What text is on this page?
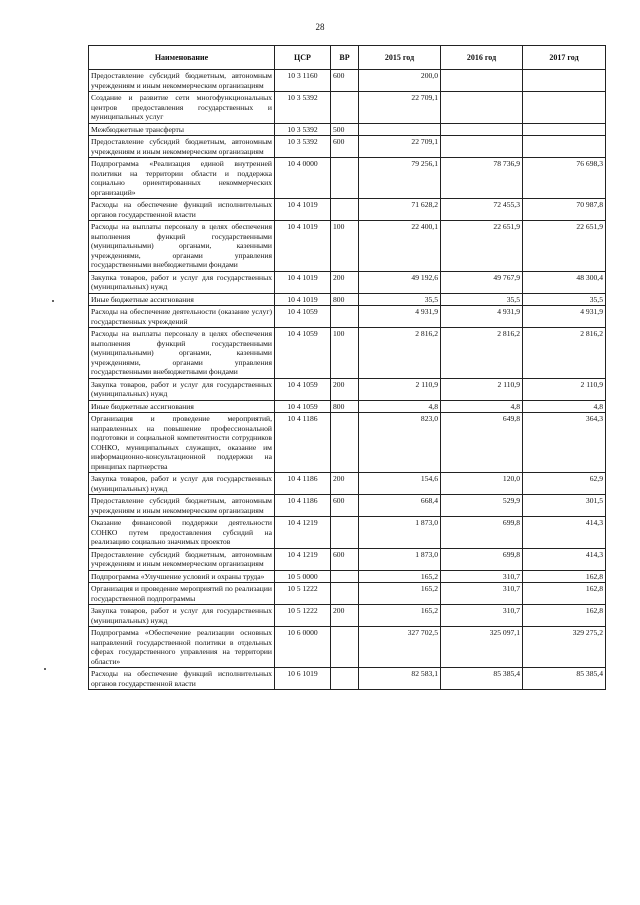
28
Наименование	ЦСР	ВР	2015 год	2016 год	2017 год
Предоставление субсидий бюджетным, автономным учреждениям и иным некоммерческим организациям	10 3 1160	600	200,0		
Создание и развитие сети многофункциональных центров предоставления государственных и муниципальных услуг	10 3 5392		22 709,1		
Межбюджетные трансферты	10 3 5392	500			
Предоставление субсидий бюджетным, автономным учреждениям и иным некоммерческим организациям	10 3 5392	600	22 709,1		
Подпрограмма «Реализация единой внутренней политики на территории области и поддержка социально ориентированных некоммерческих организаций»	10 4 0000		79 256,1	78 736,9	76 698,3
Расходы на обеспечение функций исполнительных органов государственной власти	10 4 1019		71 628,2	72 455,3	70 987,8
Расходы на выплаты персоналу в целях обеспечения выполнения функций государственными (муниципальными) органами, казенными учреждениями, органами управления государственными внебюджетными фондами	10 4 1019	100	22 400,1	22 651,9	22 651,9
Закупка товаров, работ и услуг для государственных (муниципальных) нужд	10 4 1019	200	49 192,6	49 767,9	48 300,4
Иные бюджетные ассигнования	10 4 1019	800	35,5	35,5	35,5
Расходы на обеспечение деятельности (оказание услуг) государственных учреждений	10 4 1059		4 931,9	4 931,9	4 931,9
Расходы на выплаты персоналу в целях обеспечения выполнения функций государственными (муниципальными) органами, казенными учреждениями, органами управления государственными внебюджетными фондами	10 4 1059	100	2 816,2	2 816,2	2 816,2
Закупка товаров, работ и услуг для государственных (муниципальных) нужд	10 4 1059	200	2 110,9	2 110,9	2 110,9
Иные бюджетные ассигнования	10 4 1059	800	4,8	4,8	4,8
Организация и проведение мероприятий, направленных на повышение профессиональной подготовки и социальной компетентности сотрудников СОНКО, муниципальных служащих, оказание им информационно-консультационной поддержки на принципах партнерства	10 4 1186		823,0	649,8	364,3
Закупка товаров, работ и услуг для государственных (муниципальных) нужд	10 4 1186	200	154,6	120,0	62,9
Предоставление субсидий бюджетным, автономным учреждениям и иным некоммерческим организациям	10 4 1186	600	668,4	529,9	301,5
Оказание финансовой поддержки деятельности СОНКО путем предоставления субсидий на реализацию социально значимых проектов	10 4 1219		1 873,0	699,8	414,3
Предоставление субсидий бюджетным, автономным учреждениям и иным некоммерческим организациям	10 4 1219	600	1 873,0	699,8	414,3
Подпрограмма «Улучшение условий и охраны труда»	10 5 0000		165,2	310,7	162,8
Организация и проведение мероприятий по реализации государственной подпрограммы	10 5 1222		165,2	310,7	162,8
Закупка товаров, работ и услуг для государственных (муниципальных) нужд	10 5 1222	200	165,2	310,7	162,8
Подпрограмма «Обеспечение реализации основных направлений государственной политики в отдельных сферах государственного управления на территории области»	10 6 0000		327 702,5	325 097,1	329 275,2
Расходы на обеспечение функций исполнительных органов государственной власти	10 6 1019		82 583,1	85 385,4	85 385,4
